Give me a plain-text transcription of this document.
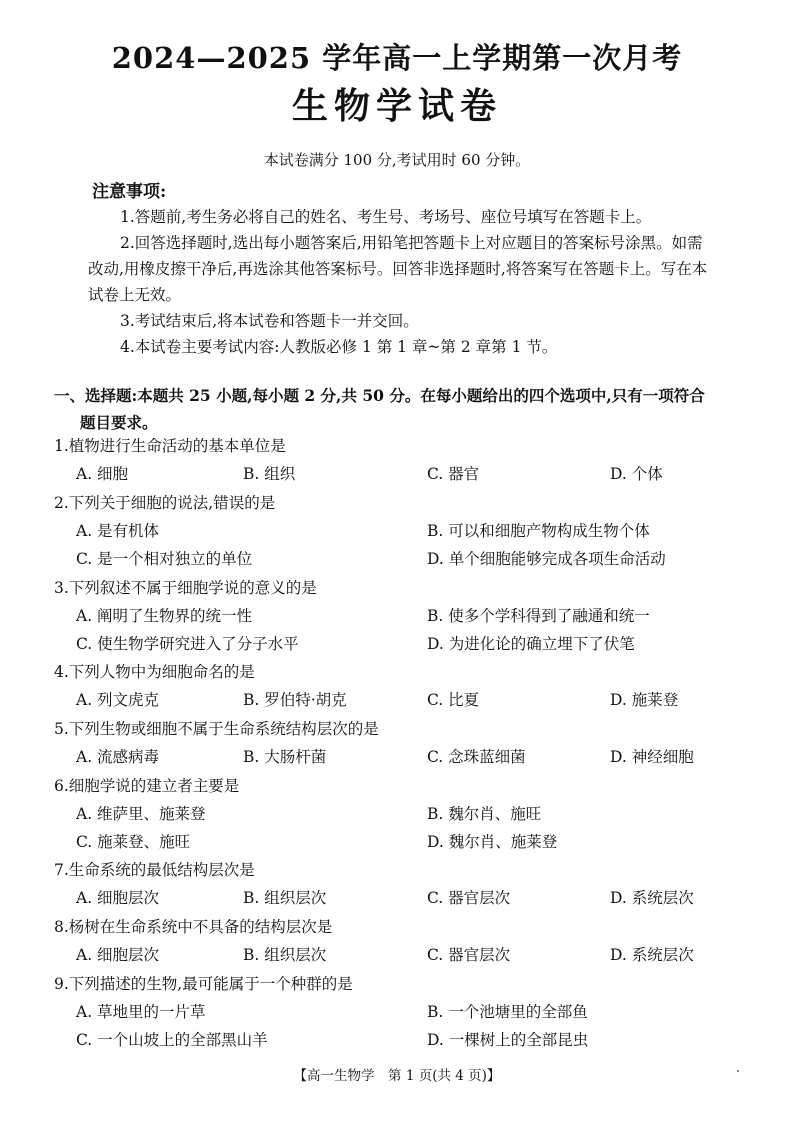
2024—2025 学年高一上学期第一次月考
生物学试卷
本试卷满分 100 分,考试用时 60 分钟。
注意事项:

1.答题前,考生务必将自己的姓名、考生号、考场号、座位号填写在答题卡上。

2.回答选择题时,选出每小题答案后,用铅笔把答题卡上对应题目的答案标号涂黑。如需改动,用橡皮擦干净后,再选涂其他答案标号。回答非选择题时,将答案写在答题卡上。写在本试卷上无效。

3.考试结束后,将本试卷和答题卡一并交回。

4.本试卷主要考试内容:人教版必修 1 第 1 章~第 2 章第 1 节。

一、选择题:本题共 25 小题,每小题 2 分,共 50 分。在每小题给出的四个选项中,只有一项符合
题目要求。
1.植物进行生命活动的基本单位是
A. 细胞	B. 组织	C. 器官	D. 个体
2.下列关于细胞的说法,错误的是
A. 是有机体	B. 可以和细胞产物构成生物个体
C. 是一个相对独立的单位	D. 单个细胞能够完成各项生命活动
3.下列叙述不属于细胞学说的意义的是
A. 阐明了生物界的统一性	B. 使多个学科得到了融通和统一
C. 使生物学研究进入了分子水平	D. 为进化论的确立埋下了伏笔
4.下列人物中为细胞命名的是
A. 列文虎克	B. 罗伯特·胡克	C. 比夏	D. 施莱登
5.下列生物或细胞不属于生命系统结构层次的是
A. 流感病毒	B. 大肠杆菌	C. 念珠蓝细菌	D. 神经细胞
6.细胞学说的建立者主要是
A. 维萨里、施莱登	B. 魏尔肖、施旺
C. 施莱登、施旺	D. 魏尔肖、施莱登
7.生命系统的最低结构层次是
A. 细胞层次	B. 组织层次	C. 器官层次	D. 系统层次
8.杨树在生命系统中不具备的结构层次是
A. 细胞层次	B. 组织层次	C. 器官层次	D. 系统层次
9.下列描述的生物,最可能属于一个种群的是
A. 草地里的一片草	B. 一个池塘里的全部鱼
C. 一个山坡上的全部黑山羊	D. 一棵树上的全部昆虫
【高一生物学　第 1 页(共 4 页)】
